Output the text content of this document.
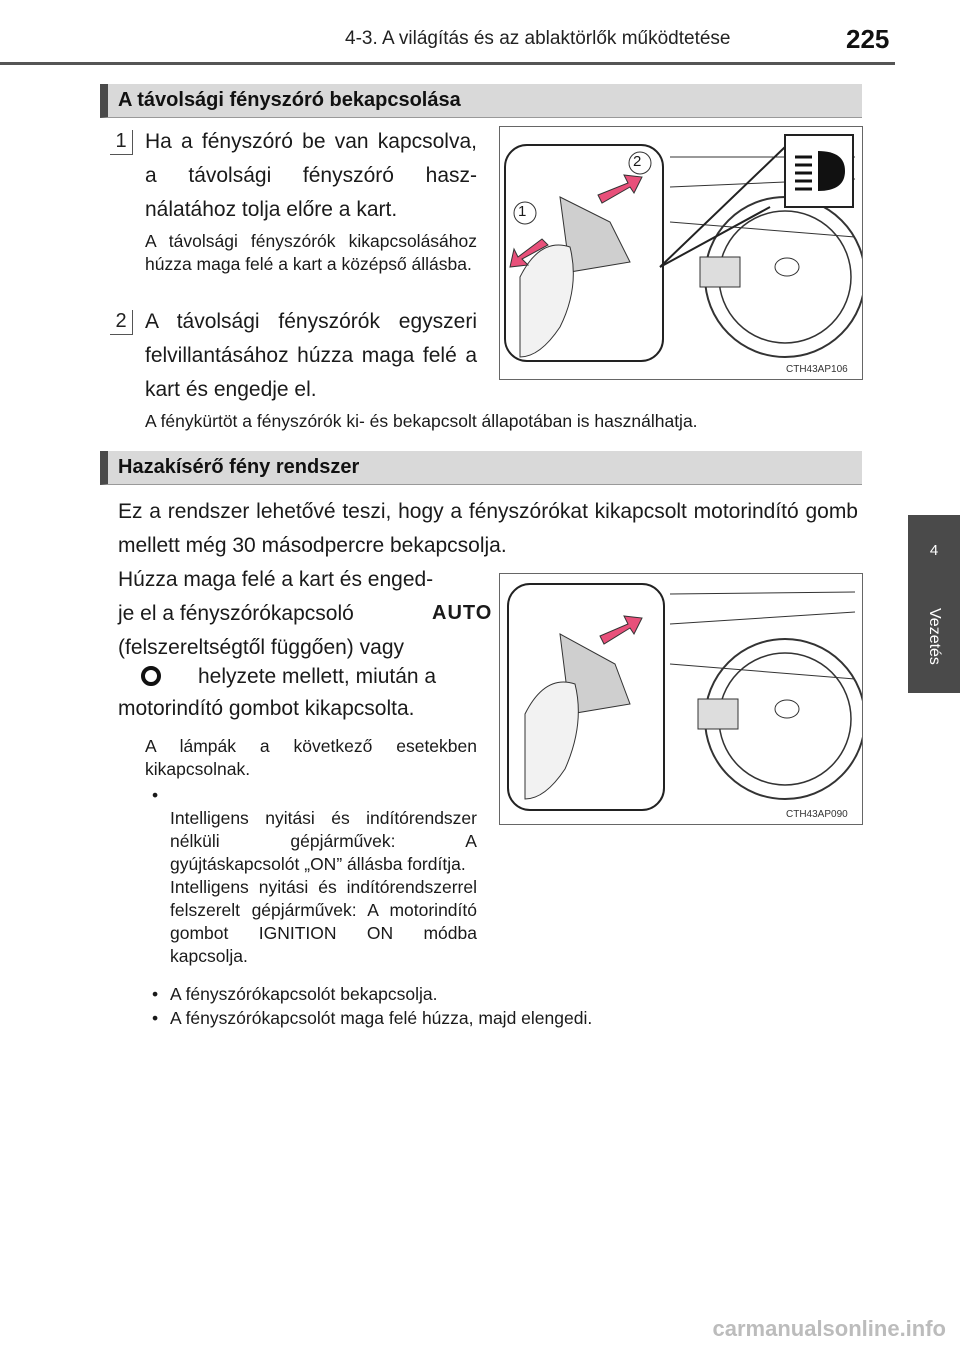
4-3. A világítás és az ablaktörlők működtetése	225
4
Vezetés
A távolsági fényszóró bekapcsolása
1 Ha a fényszóró be van kapcsolva, a távolsági fényszóró használatához tolja előre a kart.
A távolsági fényszórók kikapcsolásához húzza maga felé a kart a középső állásba.
2 A távolsági fényszórók egyszeri felvillantásához húzza maga felé a kart és engedje el.
A fénykürtöt a fényszórók ki- és bekapcsolt állapotában is használhatja.
1
2
CTH43AP106
Hazakísérő fény rendszer
Ez a rendszer lehetővé teszi, hogy a fényszórókat kikapcsolt motorindító gomb mellett még 30 másodpercre bekapcsolja.
Húzza maga felé a kart és enged-
je el a fényszórókapcsoló	AUTO
(felszereltségtől függően) vagy
helyzete mellett, miután a
motorindító gombot kikapcsolta.
A lámpák a következő esetekben kikapcsolnak.

•
Intelligens nyitási és indítórendszer nélküli gépjárművek: A gyújtáskapcsolót „ON” állásba fordítja.
Intelligens nyitási és indítórendszerrel felszerelt gépjárművek: A motorindító gombot IGNITION ON módba kapcsolja.

• A fényszórókapcsolót bekapcsolja.
• A fényszórókapcsolót maga felé húzza, majd elengedi.
CTH43AP090
carmanualsonline.info
